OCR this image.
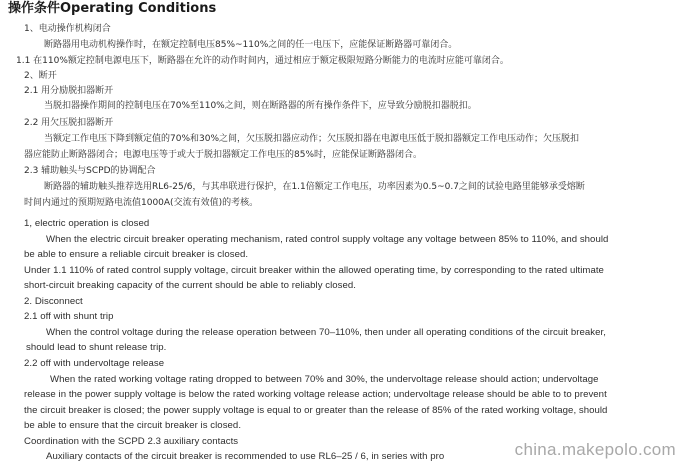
操作条件Operating Conditions
1、电动操作机构闭合
断路器用电动机构操作时，在额定控制电压85%~110%之间的任一电压下，应能保证断路器可靠闭合。
1.1 在110%额定控制电源电压下，断路器在允许的动作时间内，通过相应于额定极限短路分断能力的电流时应能可靠闭合。
2、断开
2.1 用分励脱扣器断开
当脱扣器操作期间的控制电压在70%至110%之间，则在断路器的所有操作条件下，应导致分励脱扣器脱扣。
2.2 用欠压脱扣器断开
当额定工作电压下降到额定值的70%和30%之间，欠压脱扣器应动作；欠压脱扣器在电源电压低于脱扣器额定工作电压动作；欠压脱扣
器应能防止断路器闭合；电源电压等于或大于脱扣器额定工作电压的85%时，应能保证断路器闭合。
2.3 辅助触头与SCPD的协调配合
断路器的辅助触头推荐选用RL6-25/6，与其串联进行保护，在1.1倍额定工作电压，功率因素为0.5~0.7之间的试验电路里能够承受熔断
时间内通过的预期短路电流值1000A(交流有效值)的考核。
1, electric operation is closed
When the electric circuit breaker operating mechanism, rated control supply voltage any voltage between 85% to 110%, and should
be able to ensure a reliable circuit breaker is closed.
Under 1.1 110% of rated control supply voltage, circuit breaker within the allowed operating time, by corresponding to the rated ultimate
short-circuit breaking capacity of the current should be able to reliably closed.
2. Disconnect
2.1 off with shunt trip
When the control voltage during the release operation between 70–110%, then under all operating conditions of the circuit breaker,
should lead to shunt release trip.
2.2 off with undervoltage release
When the rated working voltage rating dropped to between 70% and 30%, the undervoltage release should action; undervoltage
release in the power supply voltage is below the rated working voltage release action; undervoltage release should be able to to prevent
the circuit breaker is closed; the power supply voltage is equal to or greater than the release of 85% of the rated working voltage, should
be able to ensure that the circuit breaker is closed.
Coordination with the SCPD 2.3 auxiliary contacts
Auxiliary contacts of the circuit breaker is recommended to use RL6–25 / 6, in series with pro	china.makepolo.com
